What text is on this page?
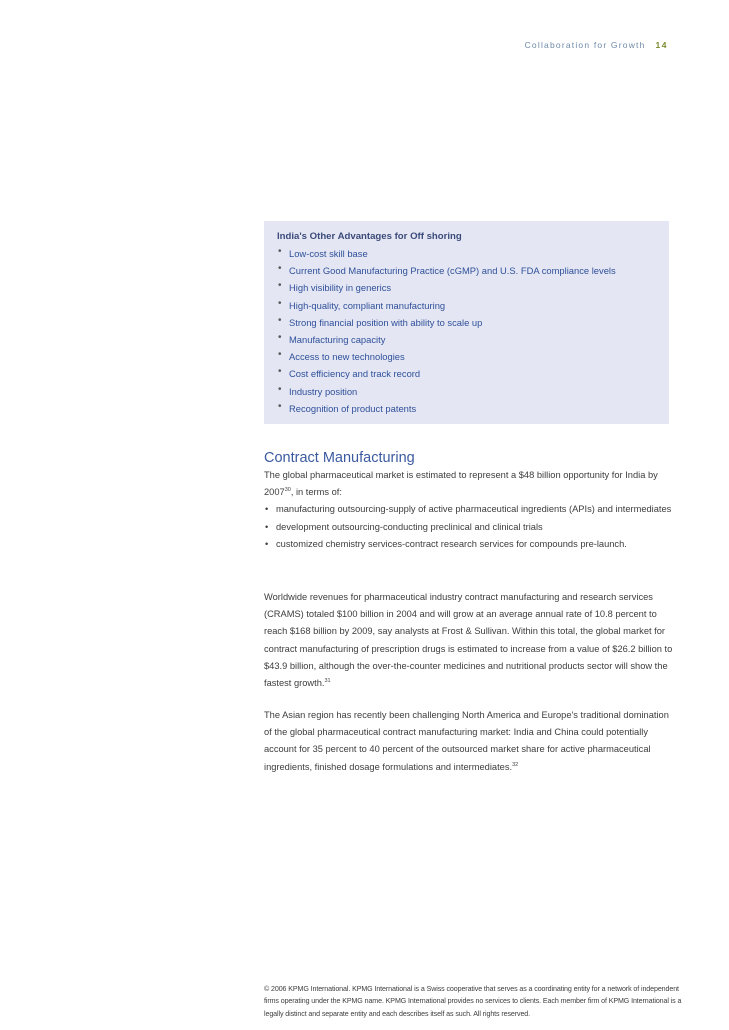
Collaboration for Growth 14
India's Other Advantages for Off shoring
• Low-cost skill base
• Current Good Manufacturing Practice (cGMP) and U.S. FDA compliance levels
• High visibility in generics
• High-quality, compliant manufacturing
• Strong financial position with ability to scale up
• Manufacturing capacity
• Access to new technologies
• Cost efficiency and track record
• Industry position
• Recognition of product patents
Contract Manufacturing

The global pharmaceutical market is estimated to represent a $48 billion opportunity for India by 2007$^{30}$, in terms of:

• manufacturing outsourcing-supply of active pharmaceutical ingredients (APIs) and intermediates
• development outsourcing-conducting preclinical and clinical trials
• customized chemistry services-contract research services for compounds pre-launch.

Worldwide revenues for pharmaceutical industry contract manufacturing and research services (CRAMS) totaled $100 billion in 2004 and will grow at an average annual rate of 10.8 percent to reach $168 billion by 2009, say analysts at Frost & Sullivan. Within this total, the global market for contract manufacturing of prescription drugs is estimated to increase from a value of $26.2 billion to $43.9 billion, although the over-the-counter medicines and nutritional products sector will show the fastest growth.$^{31}$

The Asian region has recently been challenging North America and Europe's traditional domination of the global pharmaceutical contract manufacturing market: India and China could potentially account for 35 percent to 40 percent of the outsourced market share for active pharmaceutical ingredients, finished dosage formulations and intermediates.$^{32}$

© 2006 KPMG International. KPMG International is a Swiss cooperative that serves as a coordinating entity for a network of independent firms operating under the KPMG name. KPMG International provides no services to clients. Each member firm of KPMG International is a legally distinct and separate entity and each describes itself as such. All rights reserved.
